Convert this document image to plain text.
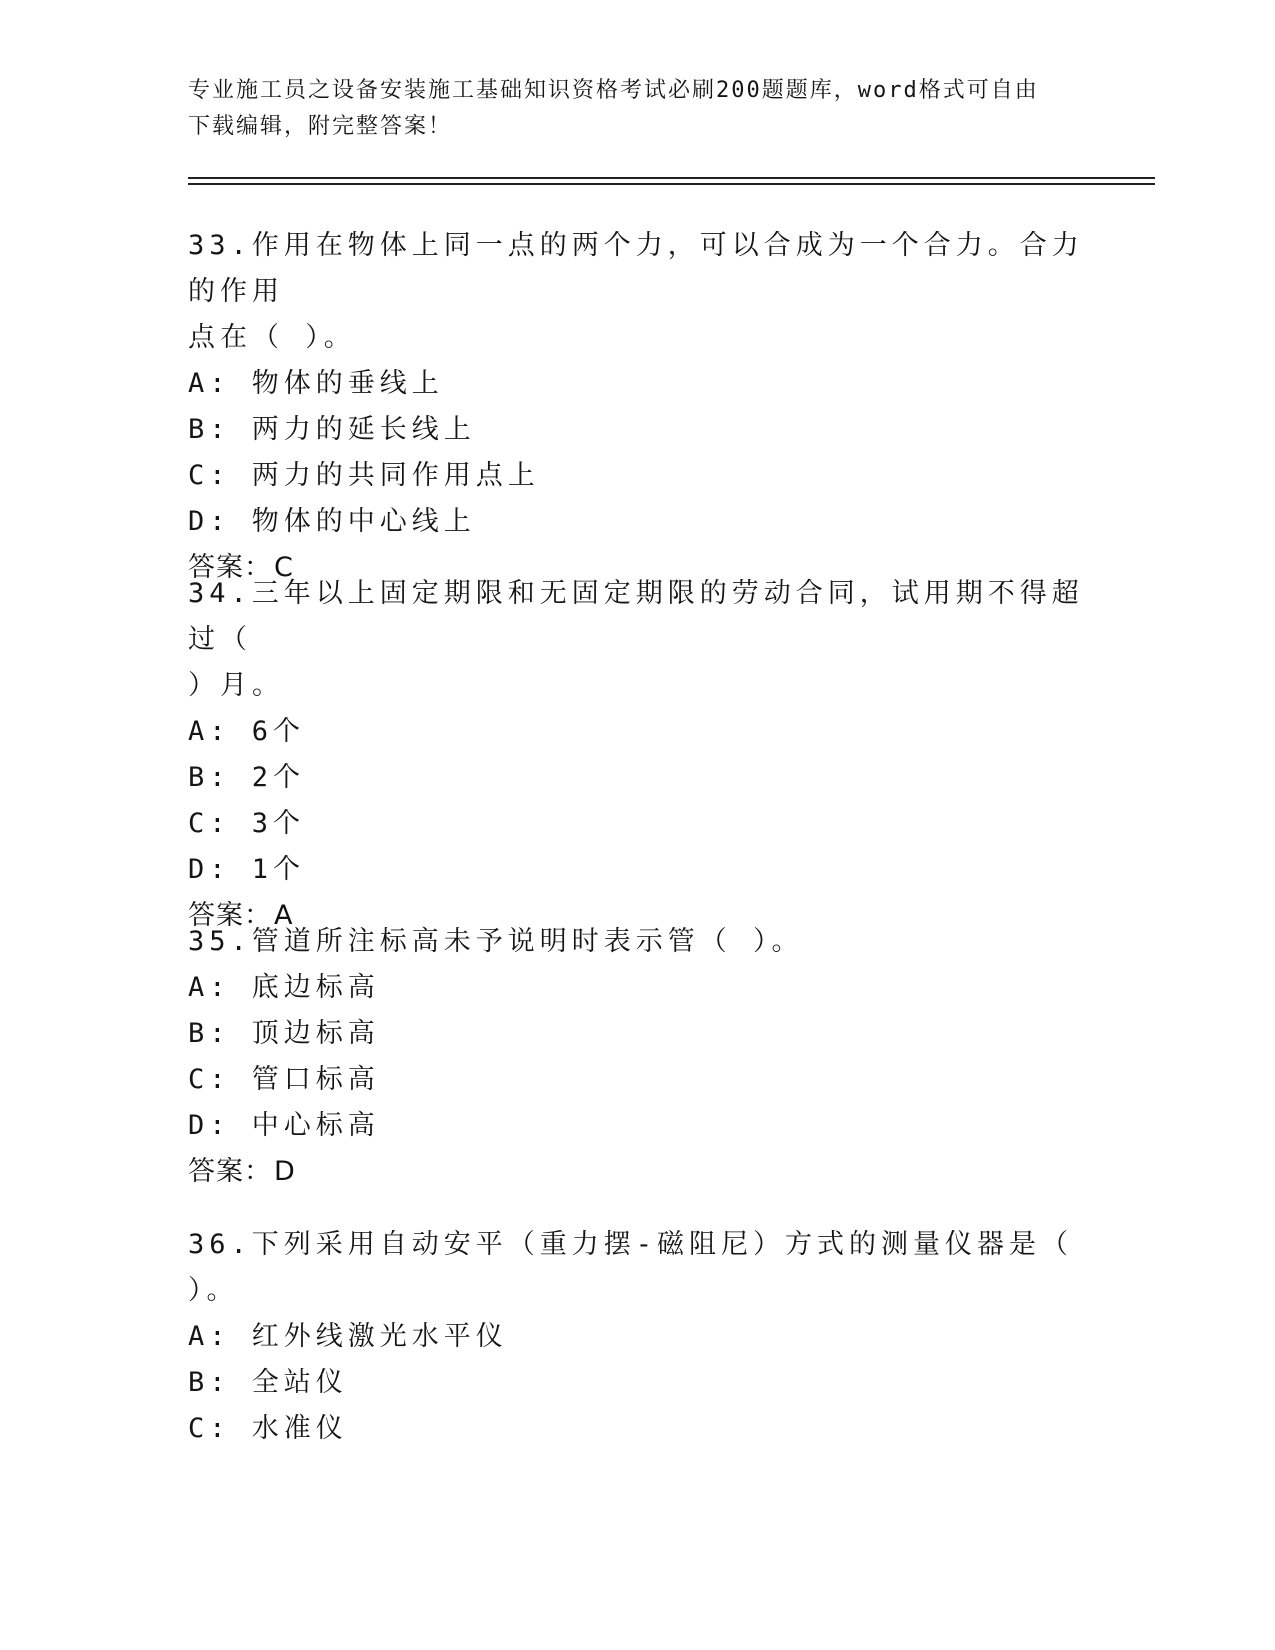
专业施工员之设备安装施工基础知识资格考试必刷200题题库，word格式可自由
下载编辑，附完整答案！
33.作用在物体上同一点的两个力，可以合成为一个合力。合力的作用
点在（ ）。
A: 物体的垂线上
B: 两力的延长线上
C: 两力的共同作用点上
D: 物体的中心线上
答案：C
34.三年以上固定期限和无固定期限的劳动合同，试用期不得超过（
）月。
A: 6个
B: 2个
C: 3个
D: 1个
答案：A
35.管道所注标高未予说明时表示管（ ）。
A: 底边标高
B: 顶边标高
C: 管口标高
D: 中心标高
答案：D
36.下列采用自动安平（重力摆-磁阻尼）方式的测量仪器是（ ）。
A: 红外线激光水平仪
B: 全站仪
C: 水准仪
